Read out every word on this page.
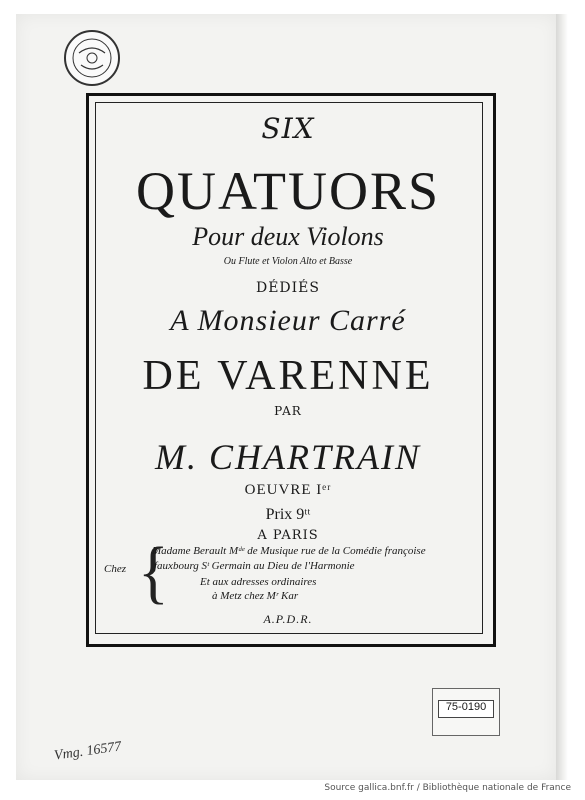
SIX
QUATUORS
Pour deux Violons
Ou Flute et Violon Alto et Basse
DÉDIÉS
A Monsieur Carré
DE VARENNE
PAR
M. CHARTRAIN
OEUVRE Iᵉʳ
Prix 9ᵗᵗ
A PARIS
Chez {
Madame Berault Mᵈᵉ de Musique rue de la Comédie françoise
fauxbourg Sᵗ Germain au Dieu de l'Harmonie
Et aux adresses ordinaires
à Metz chez Mʳ Kar
A.P.D.R.
Vmg. 16577
75-0190
Source gallica.bnf.fr / Bibliothèque nationale de France
